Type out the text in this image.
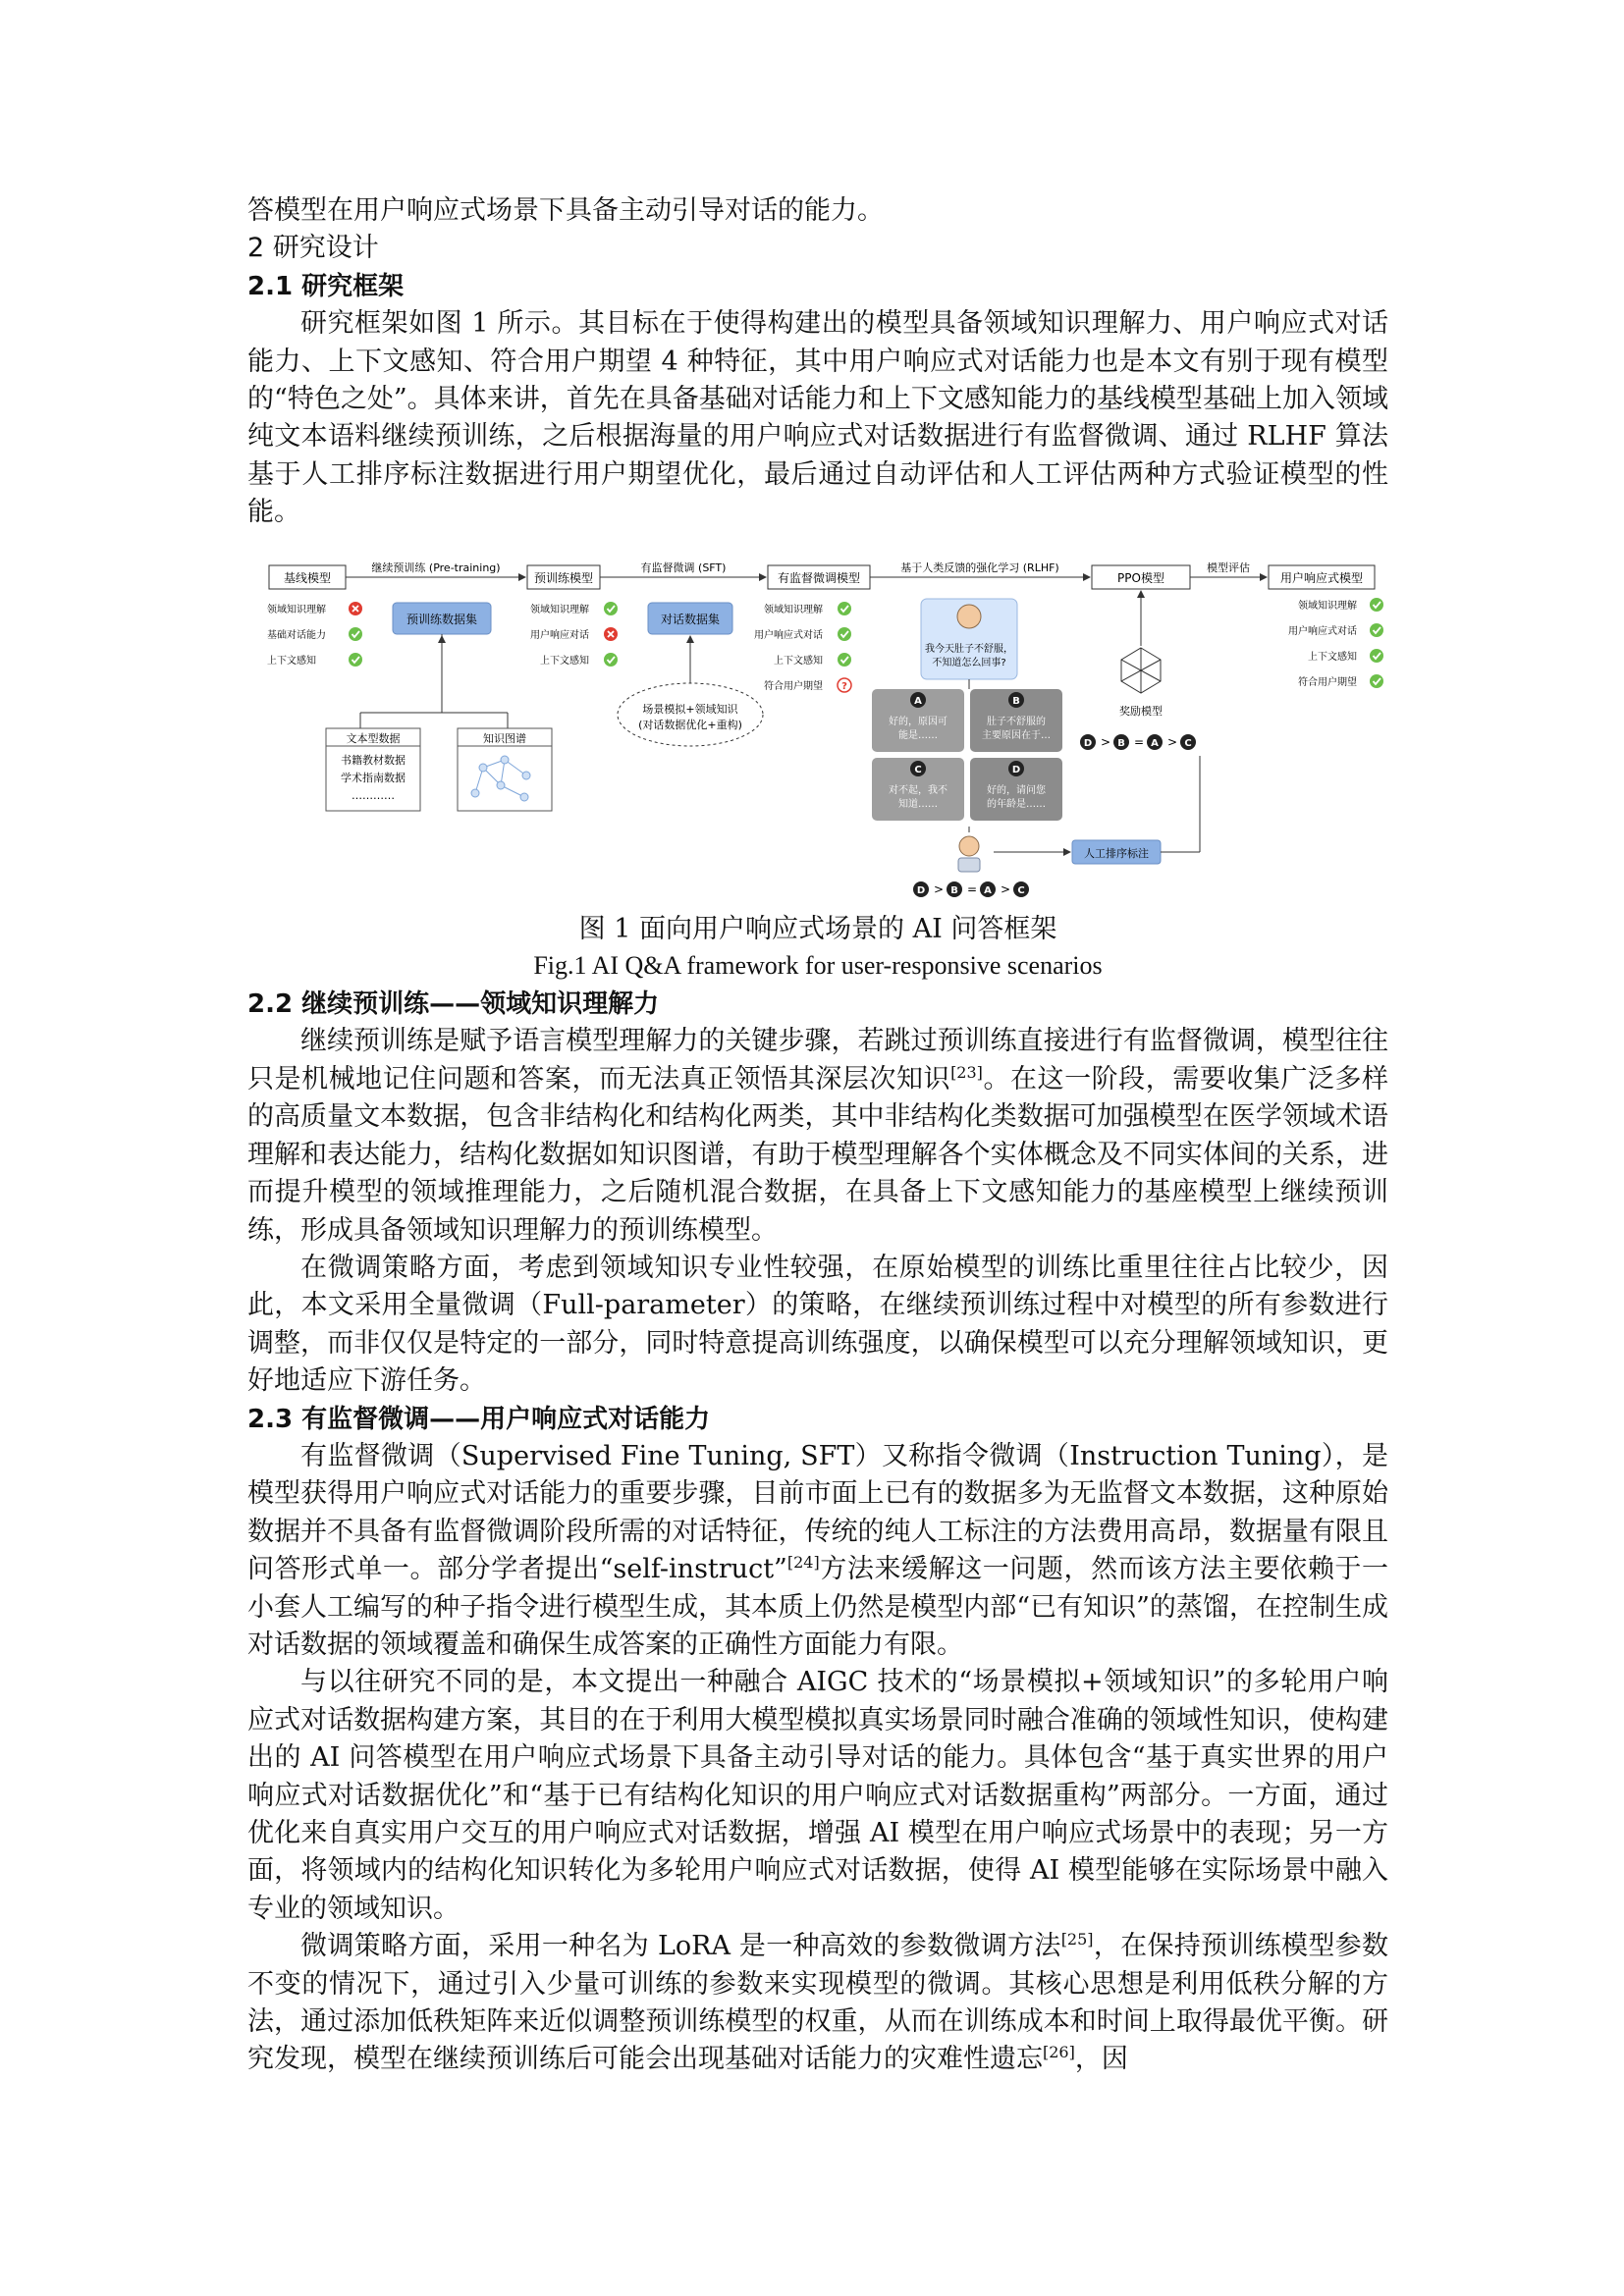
答模型在用户响应式场景下具备主动引导对话的能力。

2 研究设计

2.1 研究框架

研究框架如图 1 所示。其目标在于使得构建出的模型具备领域知识理解力、用户响应式对话能力、上下文感知、符合用户期望 4 种特征，其中用户响应式对话能力也是本文有别于现有模型的“特色之处”。具体来讲，首先在具备基础对话能力和上下文感知能力的基线模型基础上加入领域纯文本语料继续预训练，之后根据海量的用户响应式对话数据进行有监督微调、通过 RLHF 算法基于人工排序标注数据进行用户期望优化，最后通过自动评估和人工评估两种方式验证模型的性能。

基线模型	预训练模型	有监督微调模型	PPO模型	用户响应式模型
继续预训练 (Pre-training)	有监督微调 (SFT)	基于人类反馈的强化学习 (RLHF)	模型评估
领域知识理解
基础对话能力
上下文感知
领域知识理解
用户响应对话
上下文感知
领域知识理解
用户响应式对话
上下文感知
符合用户期望 ?
领域知识理解
用户响应式对话
上下文感知
符合用户期望
预训练数据集	对话数据集
文本型数据
书籍教材数据
学术指南数据
…………
知识图谱
场景模拟+领域知识
(对话数据优化+重构)
我今天肚子不舒服，
不知道怎么回事?
A
好的，原因可
能是……
B
肚子不舒服的
主要原因在于…
C
对不起，我不
知道……
D
好的，请问您
的年龄是……
奖励模型
D > B = A > C
人工排序标注
D > B = A > C

图 1 面向用户响应式场景的 AI 问答框架

Fig.1 AI Q&A framework for user-responsive scenarios

2.2 继续预训练——领域知识理解力

继续预训练是赋予语言模型理解力的关键步骤，若跳过预训练直接进行有监督微调，模型往往只是机械地记住问题和答案，而无法真正领悟其深层次知识[23]。在这一阶段，需要收集广泛多样的高质量文本数据，包含非结构化和结构化两类，其中非结构化类数据可加强模型在医学领域术语理解和表达能力，结构化数据如知识图谱，有助于模型理解各个实体概念及不同实体间的关系，进而提升模型的领域推理能力，之后随机混合数据，在具备上下文感知能力的基座模型上继续预训练，形成具备领域知识理解力的预训练模型。

在微调策略方面，考虑到领域知识专业性较强，在原始模型的训练比重里往往占比较少，因此，本文采用全量微调（Full-parameter）的策略，在继续预训练过程中对模型的所有参数进行调整，而非仅仅是特定的一部分，同时特意提高训练强度，以确保模型可以充分理解领域知识，更好地适应下游任务。

2.3 有监督微调——用户响应式对话能力

有监督微调（Supervised Fine Tuning, SFT）又称指令微调（Instruction Tuning），是模型获得用户响应式对话能力的重要步骤，目前市面上已有的数据多为无监督文本数据，这种原始数据并不具备有监督微调阶段所需的对话特征，传统的纯人工标注的方法费用高昂，数据量有限且问答形式单一。部分学者提出“self-instruct”[24]方法来缓解这一问题，然而该方法主要依赖于一小套人工编写的种子指令进行模型生成，其本质上仍然是模型内部“已有知识”的蒸馏，在控制生成对话数据的领域覆盖和确保生成答案的正确性方面能力有限。

与以往研究不同的是，本文提出一种融合 AIGC 技术的“场景模拟+领域知识”的多轮用户响应式对话数据构建方案，其目的在于利用大模型模拟真实场景同时融合准确的领域性知识，使构建出的 AI 问答模型在用户响应式场景下具备主动引导对话的能力。具体包含“基于真实世界的用户响应式对话数据优化”和“基于已有结构化知识的用户响应式对话数据重构”两部分。一方面，通过优化来自真实用户交互的用户响应式对话数据，增强 AI 模型在用户响应式场景中的表现；另一方面，将领域内的结构化知识转化为多轮用户响应式对话数据，使得 AI 模型能够在实际场景中融入专业的领域知识。

微调策略方面，采用一种名为 LoRA 是一种高效的参数微调方法[25]，在保持预训练模型参数不变的情况下，通过引入少量可训练的参数来实现模型的微调。其核心思想是利用低秩分解的方法，通过添加低秩矩阵来近似调整预训练模型的权重，从而在训练成本和时间上取得最优平衡。研究发现，模型在继续预训练后可能会出现基础对话能力的灾难性遗忘[26]，因
